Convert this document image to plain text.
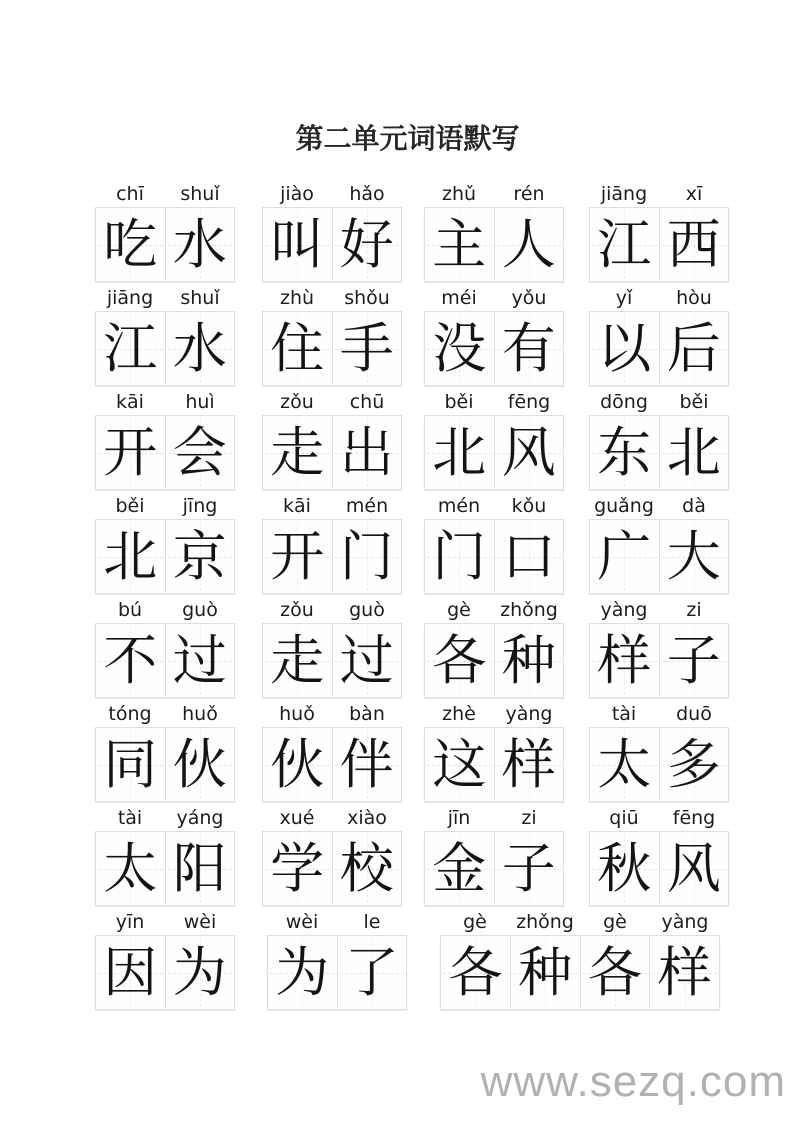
第二单元词语默写
chī	shuǐ
吃 水
jiào	hǎo
叫 好
zhǔ	rén
主 人
jiāng	xī
江 西
jiāng	shuǐ
江 水
zhù	shǒu
住 手
méi	yǒu
没 有
yǐ	hòu
以 后
kāi	huì
开 会
zǒu	chū
走 出
běi	fēng
北 风
dōng	běi
东 北
běi	jīng
北 京
kāi	mén
开 门
mén	kǒu
门 口
guǎng	dà
广 大
bú	guò
不 过
zǒu	guò
走 过
gè	zhǒng
各 种
yàng	zi
样 子
tóng	huǒ
同 伙
huǒ	bàn
伙 伴
zhè	yàng
这 样
tài	duō
太 多
tài	yáng
太 阳
xué	xiào
学 校
jīn	zi
金 子
qiū	fēng
秋 风
yīn	wèi
因 为
wèi	le
为 了
gè	zhǒng	gè	yàng
各 种 各 样
www.sezq.com
